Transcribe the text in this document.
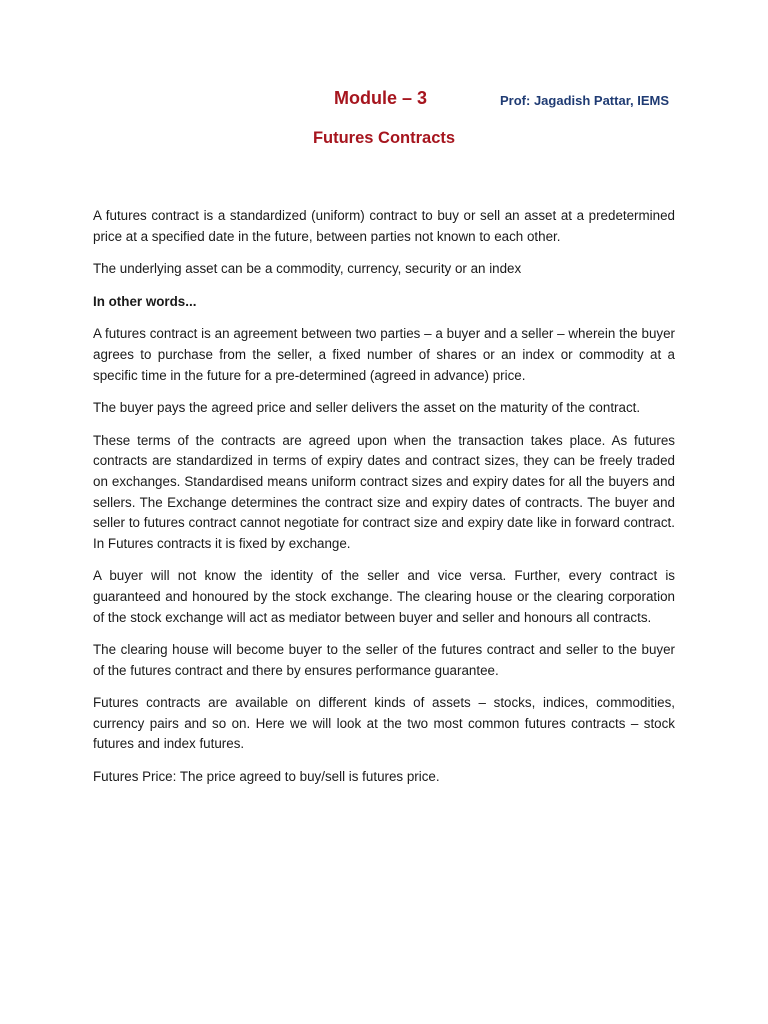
Module – 3	Prof: Jagadish Pattar, IEMS
Futures Contracts

A futures contract is a standardized (uniform) contract to buy or sell an asset at a predetermined price at a specified date in the future, between parties not known to each other.

The underlying asset can be a commodity, currency, security or an index

In other words...

A futures contract is an agreement between two parties – a buyer and a seller – wherein the buyer agrees to purchase from the seller, a fixed number of shares or an index or commodity at a specific time in the future for a pre-determined (agreed in advance) price.

The buyer pays the agreed price and seller delivers the asset on the maturity of the contract.

These terms of the contracts are agreed upon when the transaction takes place. As futures contracts are standardized in terms of expiry dates and contract sizes, they can be freely traded on exchanges. Standardised means uniform contract sizes and expiry dates for all the buyers and sellers. The Exchange determines the contract size and expiry dates of contracts. The buyer and seller to futures contract cannot negotiate for contract size and expiry date like in forward contract. In Futures contracts it is fixed by exchange.

A buyer will not know the identity of the seller and vice versa. Further, every contract is guaranteed and honoured by the stock exchange. The clearing house or the clearing corporation of the stock exchange will act as mediator between buyer and seller and honours all contracts.

The clearing house will become buyer to the seller of the futures contract and seller to the buyer of the futures contract and there by ensures performance guarantee.

Futures contracts are available on different kinds of assets – stocks, indices, commodities, currency pairs and so on. Here we will look at the two most common futures contracts – stock futures and index futures.

Futures Price: The price agreed to buy/sell is futures price.
